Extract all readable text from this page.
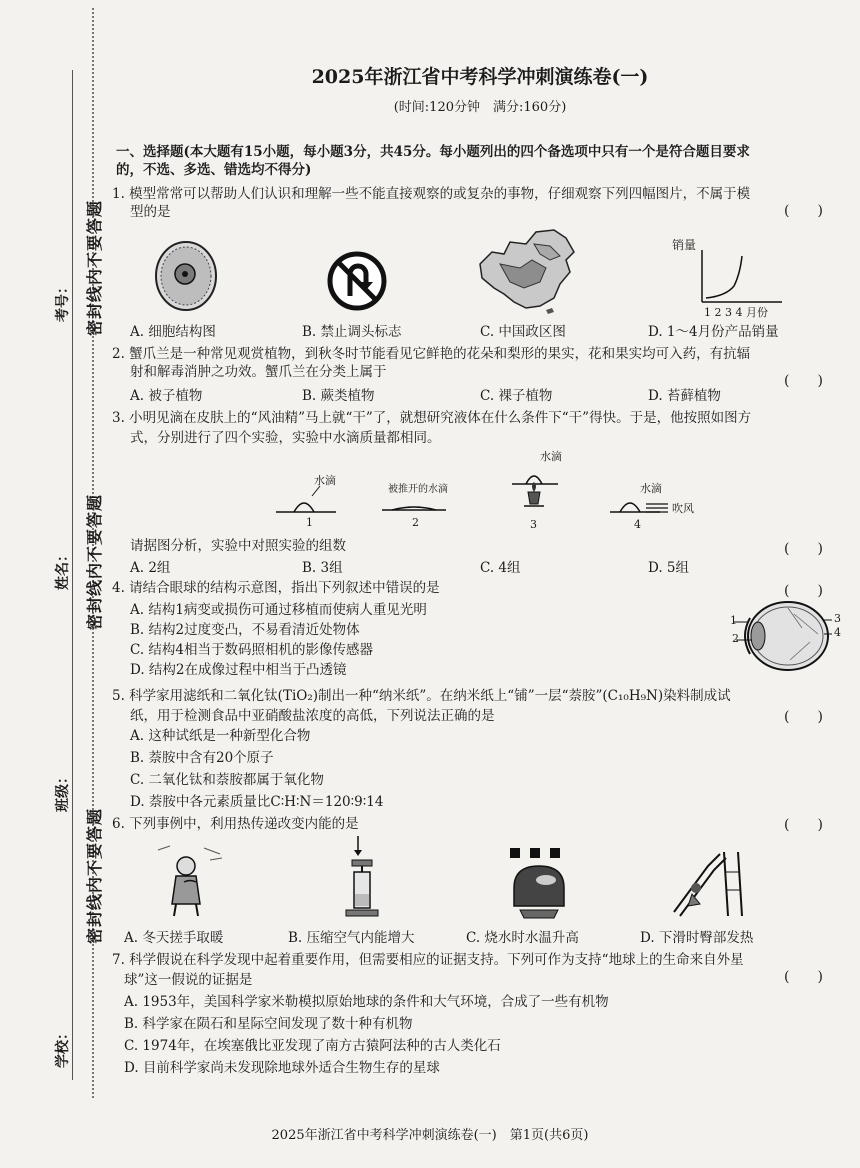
考号： 密封线内不要答题
姓名： 密封线内不要答题
班级：
密封线内不要答题
学校：
2025年浙江省中考科学冲刺演练卷(一)
(时间:120分钟　满分:160分)
一、选择题(本大题有15小题，每小题3分，共45分。每小题列出的四个备选项中只有一个是符合题目要求
的，不选、多选、错选均不得分)
1. 模型常常可以帮助人们认识和理解一些不能直接观察的或复杂的事物，仔细观察下列四幅图片，不属于模
型的是	(　　)
销量
1 2 3 4 月份
A. 细胞结构图	B. 禁止调头标志	C. 中国政区图	D. 1～4月份产品销量
2. 蟹爪兰是一种常见观赏植物，到秋冬时节能看见它鲜艳的花朵和梨形的果实，花和果实均可入药，有抗辐
射和解毒消肿之功效。蟹爪兰在分类上属于
(　　)
A. 被子植物	B. 蕨类植物	C. 裸子植物	D. 苔藓植物
3. 小明见滴在皮肤上的“风油精”马上就“干”了，就想研究液体在什么条件下“干”得快。于是，他按照如图方
式，分别进行了四个实验，实验中水滴质量都相同。
水滴
被推开的水滴
水滴
水滴
吹风
1	2	3	4
请据图分析，实验中对照实验的组数	(　　)
A. 2组	B. 3组	C. 4组	D. 5组
4. 请结合眼球的结构示意图，指出下列叙述中错误的是	(　　)
A. 结构1病变或损伤可通过移植而使病人重见光明
B. 结构2过度变凸，不易看清近处物体
C. 结构4相当于数码照相机的影像传感器
D. 结构2在成像过程中相当于凸透镜
1
2
3
4
5. 科学家用滤纸和二氧化钛(TiO₂)制出一种“纳米纸”。在纳米纸上“铺”一层“萘胺”(C₁₀H₉N)染料制成试
纸，用于检测食品中亚硝酸盐浓度的高低，下列说法正确的是	(　　)
A. 这种试纸是一种新型化合物
B. 萘胺中含有20个原子
C. 二氧化钛和萘胺都属于氧化物
D. 萘胺中各元素质量比C∶H∶N＝120∶9∶14
6. 下列事例中，利用热传递改变内能的是	(　　)
A. 冬天搓手取暖	B. 压缩空气内能增大	C. 烧水时水温升高	D. 下滑时臀部发热
7. 科学假说在科学发现中起着重要作用，但需要相应的证据支持。下列可作为支持“地球上的生命来自外星
球”这一假说的证据是	(　　)
A. 1953年，美国科学家米勒模拟原始地球的条件和大气环境，合成了一些有机物
B. 科学家在陨石和星际空间发现了数十种有机物
C. 1974年，在埃塞俄比亚发现了南方古猿阿法种的古人类化石
D. 目前科学家尚未发现除地球外适合生物生存的星球
2025年浙江省中考科学冲刺演练卷(一)　第1页(共6页)
